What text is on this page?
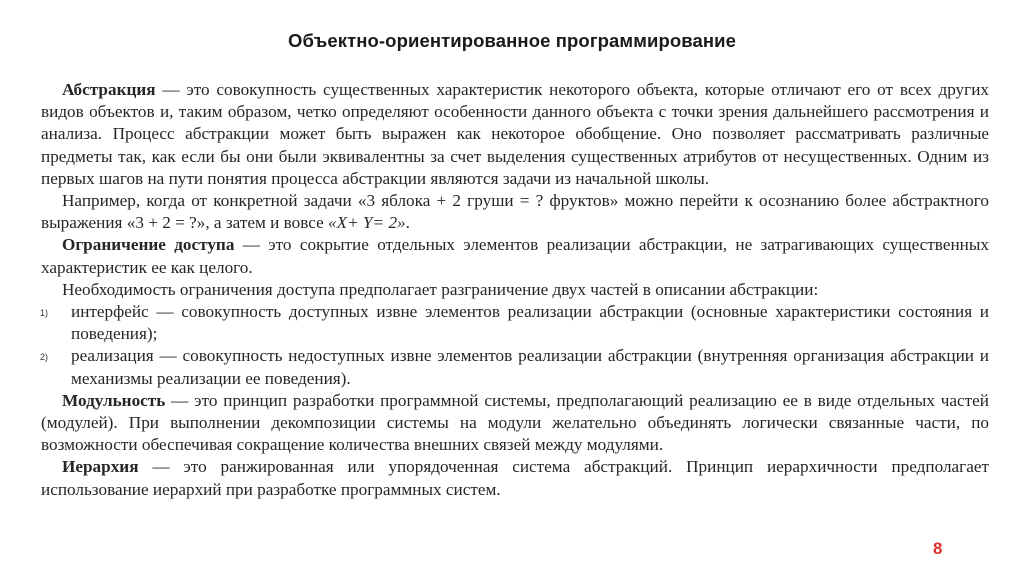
Объектно-ориентированное программирование

Абстракция — это совокупность существенных характеристик некоторого объекта, которые отличают его от всех других видов объектов и, таким образом, четко определяют особенности данного объекта с точки зрения дальнейшего рассмотрения и анализа. Процесс абстракции может быть выражен как некоторое обобщение. Оно позволяет рассматривать различные предметы так, как если бы они были эквивалентны за счет выделения существенных атрибутов от несущественных. Одним из первых шагов на пути понятия процесса абстракции являются задачи из начальной школы.

Например, когда от конкретной задачи «3 яблока + 2 груши = ? фруктов» можно перейти к осознанию более абстрактного выражения «3 + 2 = ?», а затем и вовсе «X+ Y= 2».

Ограничение доступа — это сокрытие отдельных элементов реализации абстракции, не затрагивающих существенных характеристик ее как целого.

Необходимость ограничения доступа предполагает разграничение двух частей в описании абстракции:

1) интерфейс — совокупность доступных извне элементов реализации абстракции (основные характеристики состояния и поведения);
2) реализация — совокупность недоступных извне элементов реализации абстракции (внутренняя организация абстракции и механизмы реализации ее поведения).

Модульность — это принцип разработки программной системы, предполагающий реализацию ее в виде отдельных частей (модулей). При выполнении декомпозиции системы на модули желательно объединять логически связанные части, по возможности обеспечивая сокращение количества внешних связей между модулями.

Иерархия — это ранжированная или упорядоченная система абстракций. Принцип иерархичности предполагает использование иерархий при разработке программных систем.

8
